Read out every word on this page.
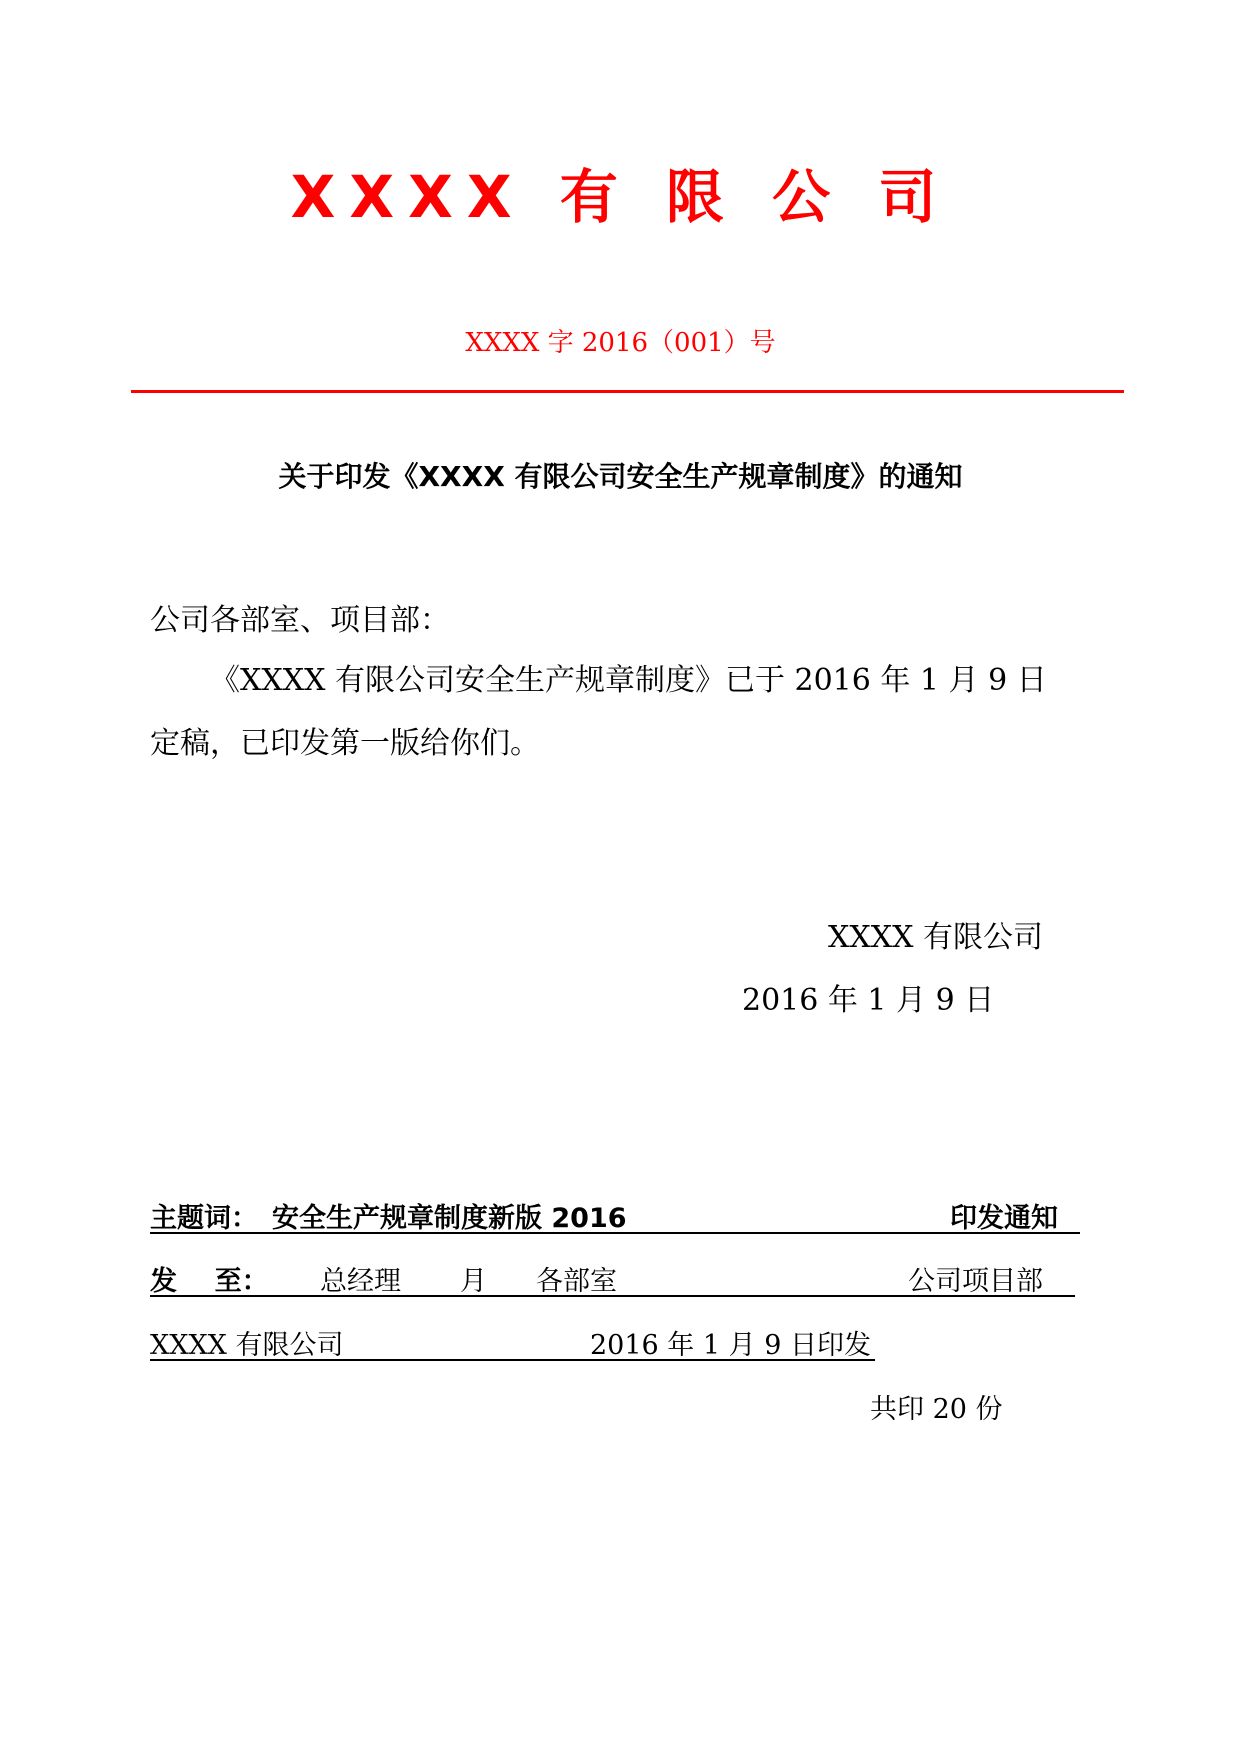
XXXX 有 限 公 司
XXXX 字 2016（001）号
关于印发《XXXX 有限公司安全生产规章制度》的通知
公司各部室、项目部：
《XXXX 有限公司安全生产规章制度》已于 2016 年 1 月 9 日
定稿，已印发第一版给你们。
XXXX 有限公司
2016 年 1 月 9 日
主题词： 安全生产规章制度新版 2016	印发通知
发    至： 总经理 月 各部室	公司项目部
XXXX 有限公司	2016 年 1 月 9 日印发
共印 20 份
